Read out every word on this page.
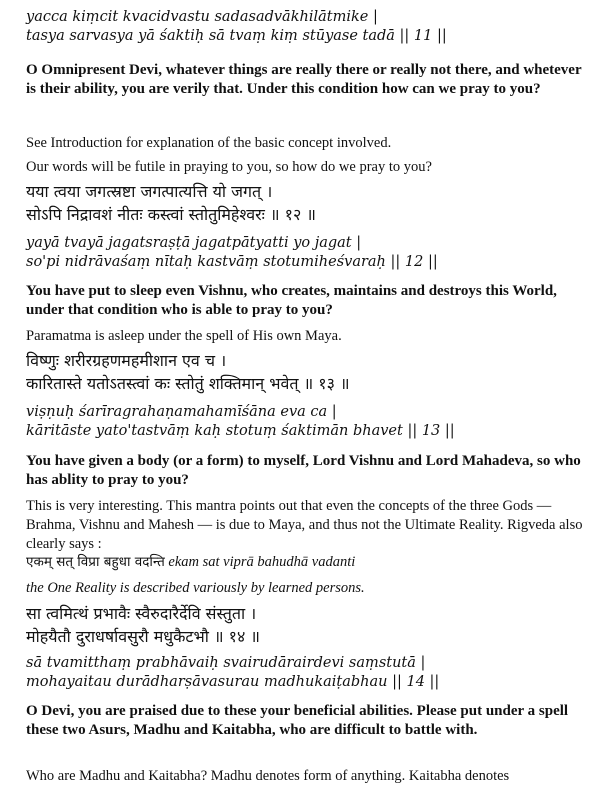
yacca kiṃcit kvacidvastu sadasadvākhilātmike |

tasya sarvasya yā śaktiḥ sā tvaṃ kiṃ stūyase tadā || 11 ||

O Omnipresent Devi, whatever things are really there or really not there, and whetever is their ability, you are verily that. Under this condition how can we pray to you?

See Introduction for explanation of the basic concept involved.

Our words will be futile in praying to you, so how do we pray to you?

यया त्वया जगत्स्रष्टा जगत्पात्यत्ति यो जगत् ।

सोऽपि निद्रावशं नीतः कस्त्वां स्तोतुमिहेश्वरः ॥ १२ ॥

yayā tvayā jagatsraṣṭā jagatpātyatti yo jagat |

so'pi nidrāvaśaṃ nītaḥ kastvāṃ stotumiheśvaraḥ || 12 ||

You have put to sleep even Vishnu, who creates, maintains and destroys this World, under that condition who is able to pray to you?

Paramatma is asleep under the spell of His own Maya.

विष्णुः शरीरग्रहणमहमीशान एव च ।

कारितास्ते यतोऽतस्त्वां कः स्तोतुं शक्तिमान् भवेत् ॥ १३ ॥

viṣṇuḥ śarīragrahaṇamahamīśāna eva ca |

kāritāste yato'tastvāṃ kaḥ stotuṃ śaktimān bhavet || 13 ||

You have given a body (or a form) to myself, Lord Vishnu and Lord Mahadeva, so who has ablity to pray to you?

This is very interesting. This mantra points out that even the concepts of the three Gods — Brahma, Vishnu and Mahesh — is due to Maya, and thus not the Ultimate Reality. Rigveda also clearly says :

एकम् सत् विप्रा बहुधा वदन्ति ekam sat viprā bahudhā vadanti

the One Reality is described variously by learned persons.

सा त्वमित्थं प्रभावैः स्वैरुदारैर्देवि संस्तुता ।

मोहयैतौ दुराधर्षावसुरौ मधुकैटभौ ॥ १४ ॥

sā tvamitthaṃ prabhāvaiḥ svairudārairdevi saṃstutā |

mohayaitau durādharṣāvasurau madhukaiṭabhau || 14 ||

O Devi, you are praised due to these your beneficial abilities. Please put under a spell these two Asurs, Madhu and Kaitabha, who are difficult to battle with.

Who are Madhu and Kaitabha? Madhu denotes form of anything. Kaitabha denotes
